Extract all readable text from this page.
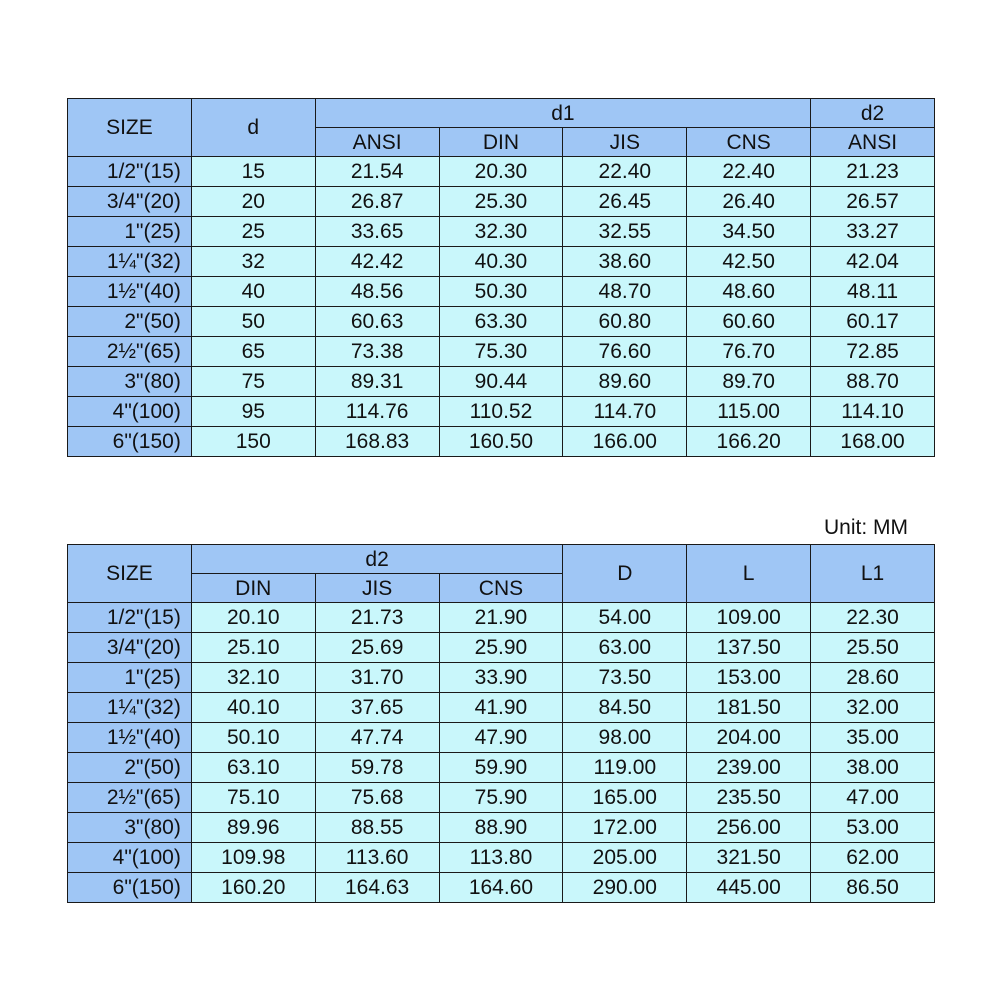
SIZE	d	d1				d2
		ANSI	DIN	JIS	CNS	ANSI
1/2"(15)	15	21.54	20.30	22.40	22.40	21.23
3/4"(20)	20	26.87	25.30	26.45	26.40	26.57
1"(25)	25	33.65	32.30	32.55	34.50	33.27
1¼"(32)	32	42.42	40.30	38.60	42.50	42.04
1½"(40)	40	48.56	50.30	48.70	48.60	48.11
2"(50)	50	60.63	63.30	60.80	60.60	60.17
2½"(65)	65	73.38	75.30	76.60	76.70	72.85
3"(80)	75	89.31	90.44	89.60	89.70	88.70
4"(100)	95	114.76	110.52	114.70	115.00	114.10
6"(150)	150	168.83	160.50	166.00	166.20	168.00
Unit: MM
SIZE	d2			D	L	L1
	DIN	JIS	CNS			
1/2"(15)	20.10	21.73	21.90	54.00	109.00	22.30
3/4"(20)	25.10	25.69	25.90	63.00	137.50	25.50
1"(25)	32.10	31.70	33.90	73.50	153.00	28.60
1¼"(32)	40.10	37.65	41.90	84.50	181.50	32.00
1½"(40)	50.10	47.74	47.90	98.00	204.00	35.00
2"(50)	63.10	59.78	59.90	119.00	239.00	38.00
2½"(65)	75.10	75.68	75.90	165.00	235.50	47.00
3"(80)	89.96	88.55	88.90	172.00	256.00	53.00
4"(100)	109.98	113.60	113.80	205.00	321.50	62.00
6"(150)	160.20	164.63	164.60	290.00	445.00	86.50
